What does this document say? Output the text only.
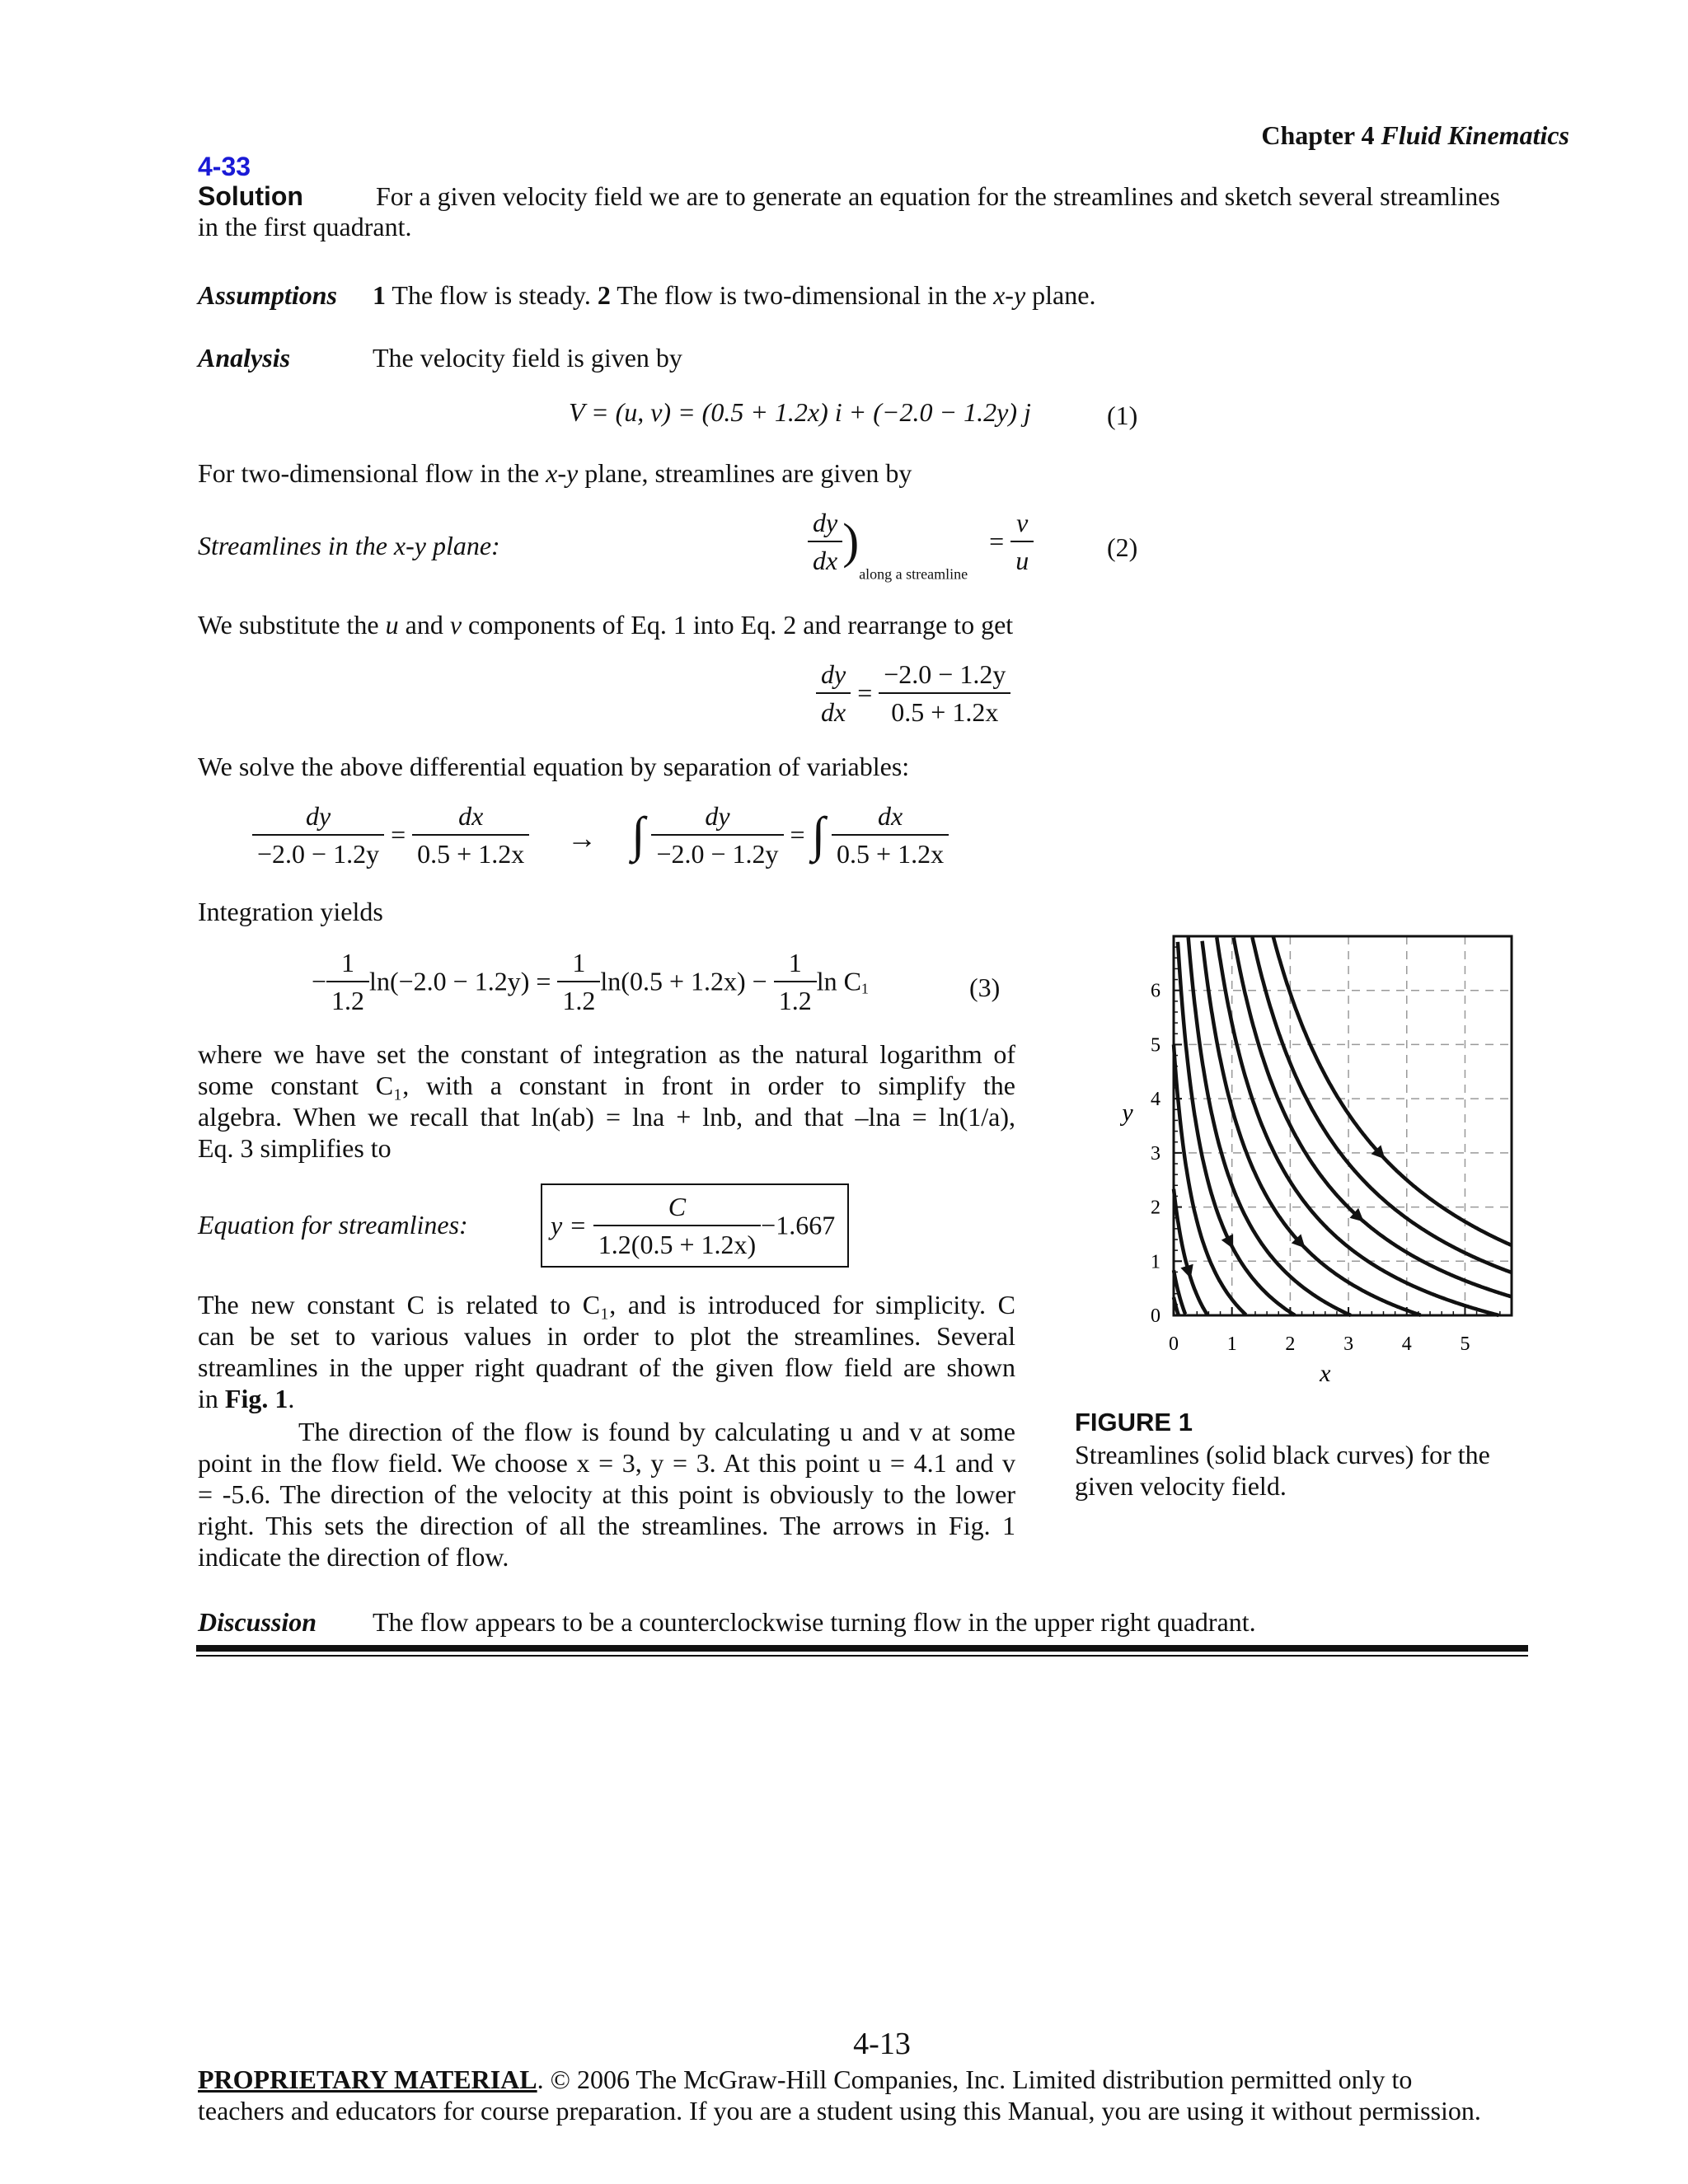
Chapter 4 Fluid Kinematics
4-33
Solution	For a given velocity field we are to generate an equation for the streamlines and sketch several streamlines
in the first quadrant.
Assumptions 1 The flow is steady. 2 The flow is two-dimensional in the x-y plane.
Analysis	The velocity field is given by
V = (u, v) = (0.5 + 1.2x) i + (−2.0 − 1.2y) j	(1)
For two-dimensional flow in the x-y plane, streamlines are given by
Streamlines in the x-y plane:	$\frac{dy}{dx} )_{along a streamline} = \frac{v}{u}$	(2)
We substitute the u and v components of Eq. 1 into Eq. 2 and rearrange to get
$\frac{dy}{dx} = \frac{-2.0 - 1.2y}{0.5 + 1.2x}$
We solve the above differential equation by separation of variables:
$\frac{dy}{-2.0 - 1.2y} = \frac{dx}{0.5 + 1.2x}$ → ∫ $\frac{dy}{-2.0 - 1.2y}$ = ∫ $\frac{dx}{0.5 + 1.2x}$
Integration yields
− $\frac{1}{1.2} \ln(-2.0 - 1.2y) = \frac{1}{1.2} \ln(0.5 + 1.2x) - \frac{1}{1.2}$ $\ln C_1$	(3)
where we have set the constant of integration as the natural logarithm of
some constant C₁, with a constant in front in order to simplify the
algebra. When we recall that ln(ab) = lna + lnb, and that –lna = ln(1/a),
Eq. 3 simplifies to
Equation for streamlines:	$y = \frac{C}{1.2(0.5 + 1.2x)} -1.667$
The new constant C is related to C₁, and is introduced for simplicity. C
can be set to various values in order to plot the streamlines. Several
streamlines in the upper right quadrant of the given flow field are shown
in Fig. 1.
The direction of the flow is found by calculating u and v at some
point in the flow field. We choose x = 3, y = 3. At this point u = 4.1 and v
= -5.6. The direction of the velocity at this point is obviously to the lower
right. This sets the direction of all the streamlines. The arrows in Fig. 1
indicate the direction of flow.
Discussion The flow appears to be a counterclockwise turning flow in the upper right quadrant.
0 1 2 3 4 5
0
1
2
3
4
5
6
x
y
FIGURE 1
Streamlines (solid black curves) for the
given velocity field.
4-13
PROPRIETARY MATERIAL. © 2006 The McGraw-Hill Companies, Inc. Limited distribution permitted only to
teachers and educators for course preparation. If you are a student using this Manual, you are using it without permission.
